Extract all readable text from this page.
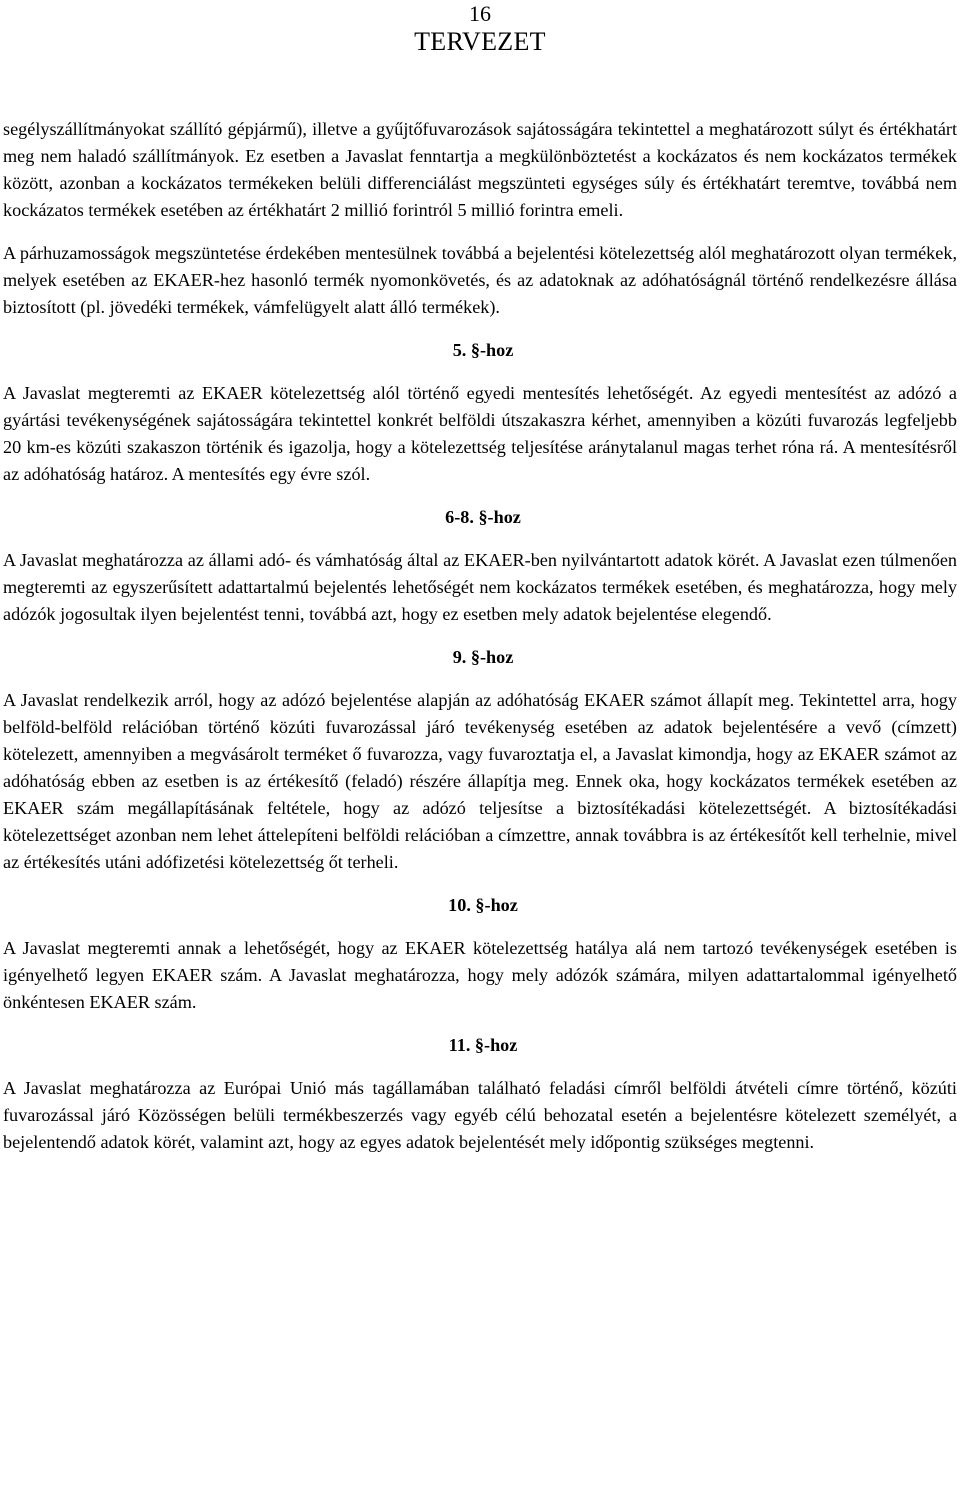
16
TERVEZET

segélyszállítmányokat szállító gépjármű), illetve a gyűjtőfuvarozások sajátosságára tekintettel a meghatározott súlyt és értékhatárt meg nem haladó szállítmányok. Ez esetben a Javaslat fenntartja a megkülönböztetést a kockázatos és nem kockázatos termékek között, azonban a kockázatos termékeken belüli differenciálást megszünteti egységes súly és értékhatárt teremtve, továbbá nem kockázatos termékek esetében az értékhatárt 2 millió forintról 5 millió forintra emeli.

A párhuzamosságok megszüntetése érdekében mentesülnek továbbá a bejelentési kötelezettség alól meghatározott olyan termékek, melyek esetében az EKAER-hez hasonló termék nyomonkövetés, és az adatoknak az adóhatóságnál történő rendelkezésre állása biztosított (pl. jövedéki termékek, vámfelügyelt alatt álló termékek).

5. §-hoz

A Javaslat megteremti az EKAER kötelezettség alól történő egyedi mentesítés lehetőségét. Az egyedi mentesítést az adózó a gyártási tevékenységének sajátosságára tekintettel konkrét belföldi útszakaszra kérhet, amennyiben a közúti fuvarozás legfeljebb 20 km-es közúti szakaszon történik és igazolja, hogy a kötelezettség teljesítése aránytalanul magas terhet róna rá. A mentesítésről az adóhatóság határoz. A mentesítés egy évre szól.

6-8. §-hoz

A Javaslat meghatározza az állami adó- és vámhatóság által az EKAER-ben nyilvántartott adatok körét. A Javaslat ezen túlmenően megteremti az egyszerűsített adattartalmú bejelentés lehetőségét nem kockázatos termékek esetében, és meghatározza, hogy mely adózók jogosultak ilyen bejelentést tenni, továbbá azt, hogy ez esetben mely adatok bejelentése elegendő.

9. §-hoz

A Javaslat rendelkezik arról, hogy az adózó bejelentése alapján az adóhatóság EKAER számot állapít meg. Tekintettel arra, hogy belföld-belföld relációban történő közúti fuvarozással járó tevékenység esetében az adatok bejelentésére a vevő (címzett) kötelezett, amennyiben a megvásárolt terméket ő fuvarozza, vagy fuvaroztatja el, a Javaslat kimondja, hogy az EKAER számot az adóhatóság ebben az esetben is az értékesítő (feladó) részére állapítja meg. Ennek oka, hogy kockázatos termékek esetében az EKAER szám megállapításának feltétele, hogy az adózó teljesítse a biztosítékadási kötelezettségét. A biztosítékadási kötelezettséget azonban nem lehet áttelepíteni belföldi relációban a címzettre, annak továbbra is az értékesítőt kell terhelnie, mivel az értékesítés utáni adófizetési kötelezettség őt terheli.

10. §-hoz

A Javaslat megteremti annak a lehetőségét, hogy az EKAER kötelezettség hatálya alá nem tartozó tevékenységek esetében is igényelhető legyen EKAER szám. A Javaslat meghatározza, hogy mely adózók számára, milyen adattartalommal igényelhető önkéntesen EKAER szám.

11. §-hoz

A Javaslat meghatározza az Európai Unió más tagállamában található feladási címről belföldi átvételi címre történő, közúti fuvarozással járó Közösségen belüli termékbeszerzés vagy egyéb célú behozatal esetén a bejelentésre kötelezett személyét, a bejelentendő adatok körét, valamint azt, hogy az egyes adatok bejelentését mely időpontig szükséges megtenni.
